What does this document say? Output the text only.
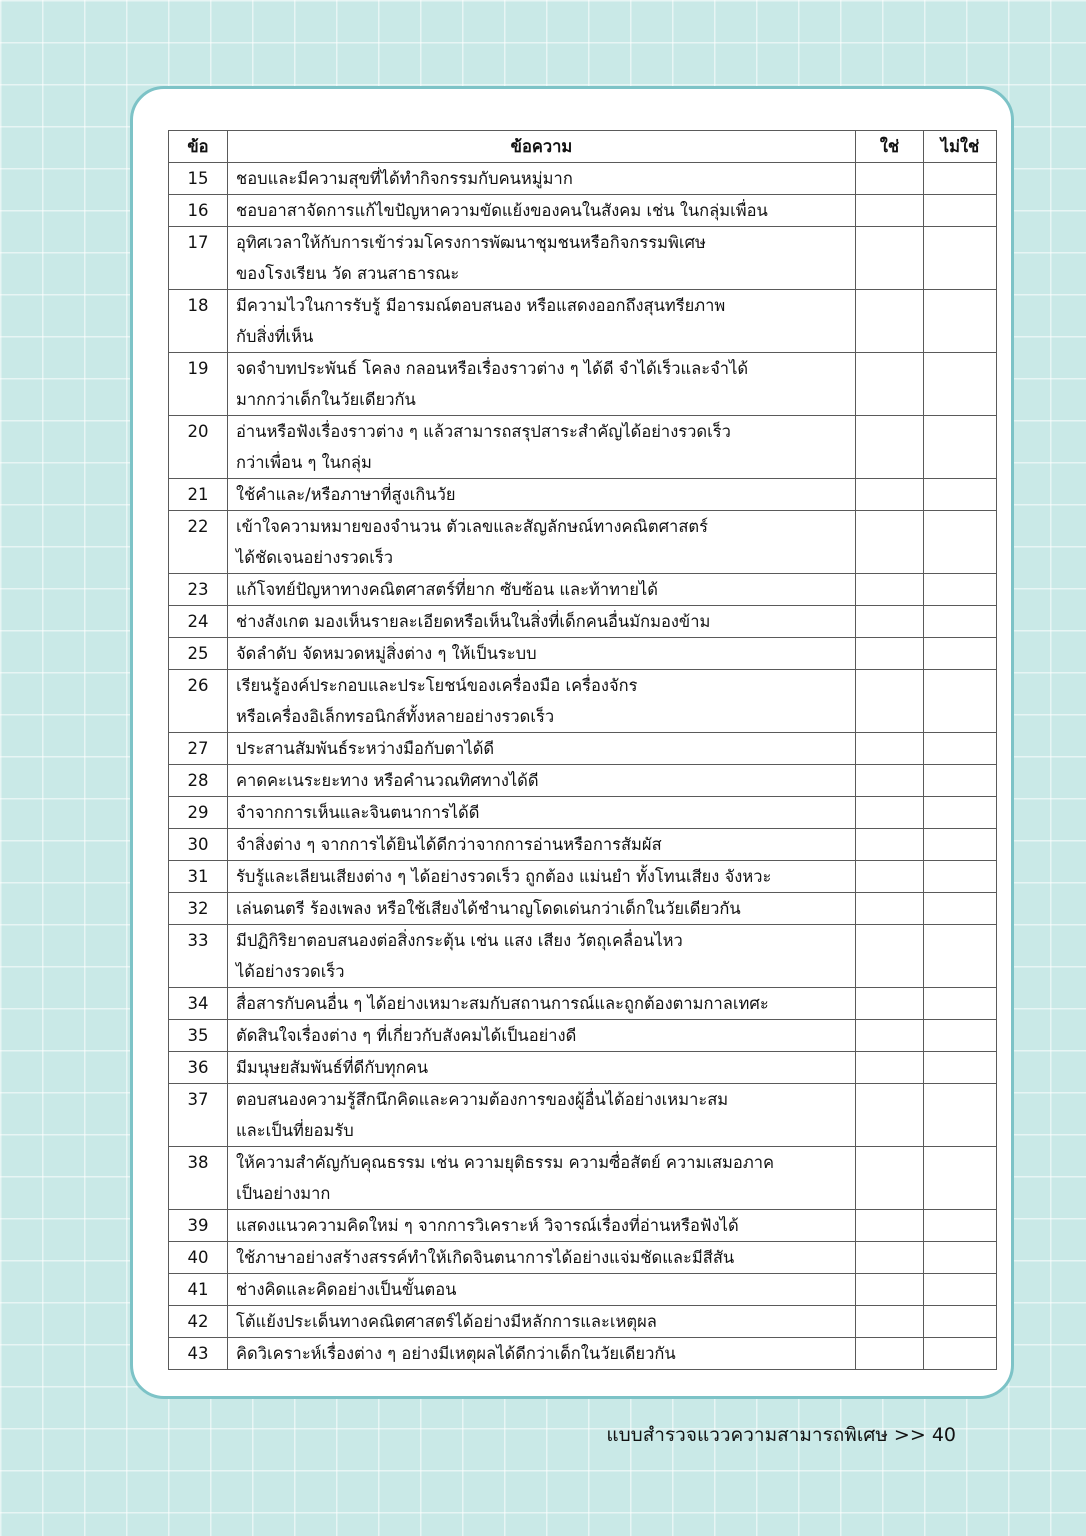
ข้อ	ข้อความ	ใช่	ไม่ใช่
15	ชอบและมีความสุขที่ได้ทำกิจกรรมกับคนหมู่มาก		

16	ชอบอาสาจัดการแก้ไขปัญหาความขัดแย้งของคนในสังคม เช่น ในกลุ่มเพื่อน		

17	อุทิศเวลาให้กับการเข้าร่วมโครงการพัฒนาชุมชนหรือกิจกรรมพิเศษ
ของโรงเรียน วัด สวนสาธารณะ		

18	มีความไวในการรับรู้ มีอารมณ์ตอบสนอง หรือแสดงออกถึงสุนทรียภาพ
กับสิ่งที่เห็น		

19	จดจำบทประพันธ์ โคลง กลอนหรือเรื่องราวต่าง ๆ ได้ดี จำได้เร็วและจำได้
มากกว่าเด็กในวัยเดียวกัน		

20	อ่านหรือฟังเรื่องราวต่าง ๆ แล้วสามารถสรุปสาระสำคัญได้อย่างรวดเร็ว
กว่าเพื่อน ๆ ในกลุ่ม		

21	ใช้คำและ/หรือภาษาที่สูงเกินวัย		

22	เข้าใจความหมายของจำนวน ตัวเลขและสัญลักษณ์ทางคณิตศาสตร์
ได้ชัดเจนอย่างรวดเร็ว		

23	แก้โจทย์ปัญหาทางคณิตศาสตร์ที่ยาก ซับซ้อน และท้าทายได้		

24	ช่างสังเกต มองเห็นรายละเอียดหรือเห็นในสิ่งที่เด็กคนอื่นมักมองข้าม		

25	จัดลำดับ จัดหมวดหมู่สิ่งต่าง ๆ ให้เป็นระบบ		

26	เรียนรู้องค์ประกอบและประโยชน์ของเครื่องมือ เครื่องจักร
หรือเครื่องอิเล็กทรอนิกส์ทั้งหลายอย่างรวดเร็ว		

27	ประสานสัมพันธ์ระหว่างมือกับตาได้ดี		

28	คาดคะเนระยะทาง หรือคำนวณทิศทางได้ดี		

29	จำจากการเห็นและจินตนาการได้ดี		

30	จำสิ่งต่าง ๆ จากการได้ยินได้ดีกว่าจากการอ่านหรือการสัมผัส		

31	รับรู้และเลียนเสียงต่าง ๆ ได้อย่างรวดเร็ว ถูกต้อง แม่นยำ ทั้งโทนเสียง จังหวะ		

32	เล่นดนตรี ร้องเพลง หรือใช้เสียงได้ชำนาญโดดเด่นกว่าเด็กในวัยเดียวกัน		

33	มีปฏิกิริยาตอบสนองต่อสิ่งกระตุ้น เช่น แสง เสียง วัตถุเคลื่อนไหว
ได้อย่างรวดเร็ว		

34	สื่อสารกับคนอื่น ๆ ได้อย่างเหมาะสมกับสถานการณ์และถูกต้องตามกาลเทศะ		

35	ตัดสินใจเรื่องต่าง ๆ ที่เกี่ยวกับสังคมได้เป็นอย่างดี		

36	มีมนุษยสัมพันธ์ที่ดีกับทุกคน		

37	ตอบสนองความรู้สึกนึกคิดและความต้องการของผู้อื่นได้อย่างเหมาะสม
และเป็นที่ยอมรับ		

38	ให้ความสำคัญกับคุณธรรม เช่น ความยุติธรรม ความซื่อสัตย์ ความเสมอภาค
เป็นอย่างมาก		

39	แสดงแนวความคิดใหม่ ๆ จากการวิเคราะห์ วิจารณ์เรื่องที่อ่านหรือฟังได้		

40	ใช้ภาษาอย่างสร้างสรรค์ทำให้เกิดจินตนาการได้อย่างแจ่มชัดและมีสีสัน		

41	ช่างคิดและคิดอย่างเป็นขั้นตอน		

42	โต้แย้งประเด็นทางคณิตศาสตร์ได้อย่างมีหลักการและเหตุผล		

43	คิดวิเคราะห์เรื่องต่าง ๆ อย่างมีเหตุผลได้ดีกว่าเด็กในวัยเดียวกัน		

แบบสำรวจแววความสามารถพิเศษ >> 40
